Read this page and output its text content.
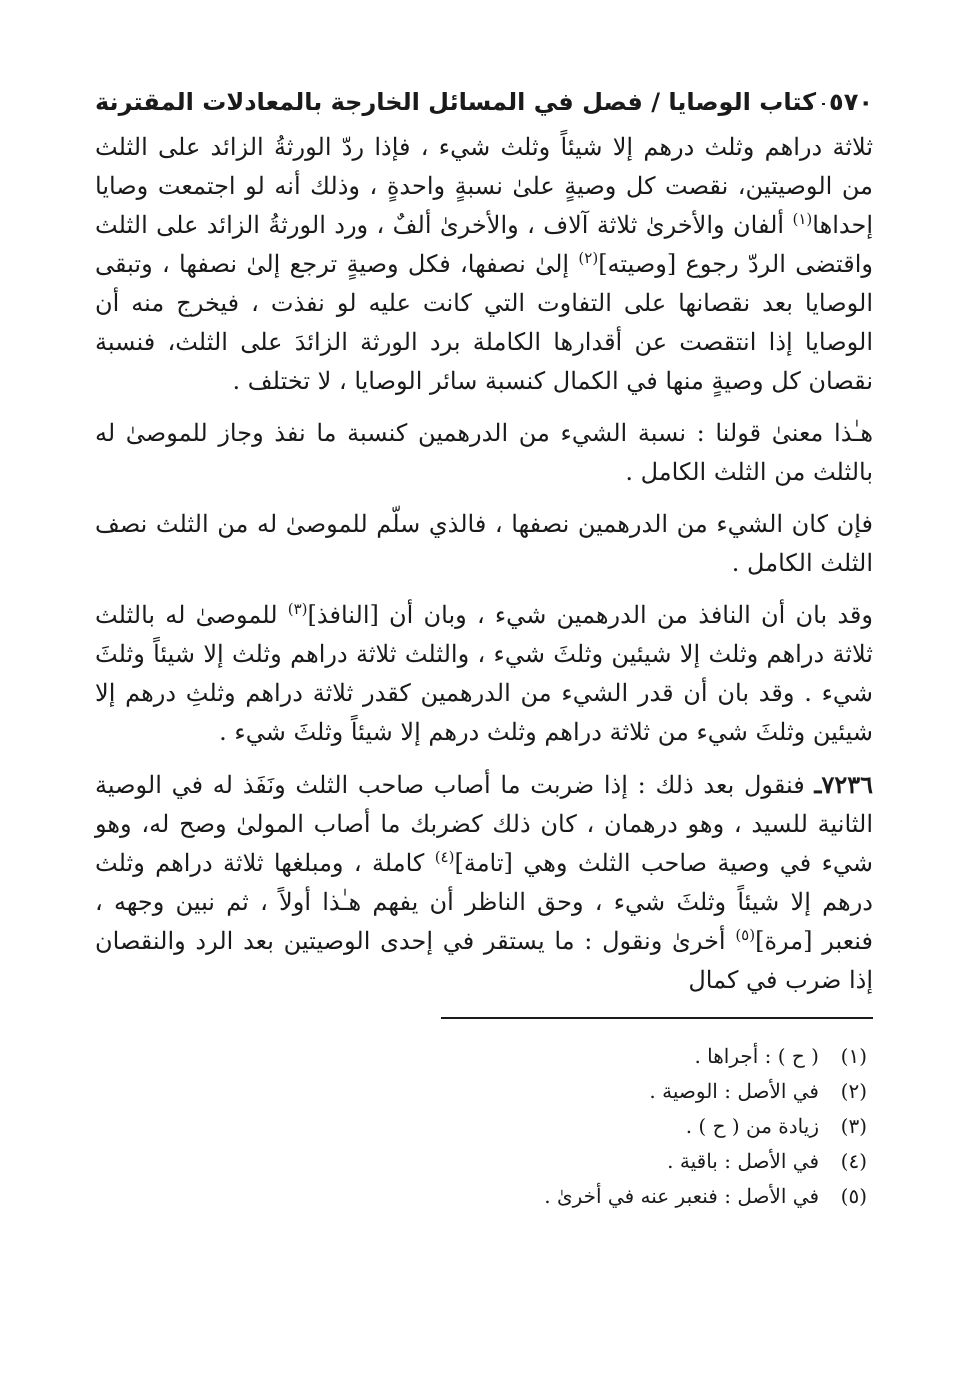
٥٧٠
كتاب الوصايا / فصل في المسائل الخارجة بالمعادلات المقترنة

ثلاثة دراهم وثلث درهم إلا شيئاً وثلث شيء ، فإذا ردّ الورثةُ الزائد على الثلث من الوصيتين، نقصت كل وصيةٍ علىٰ نسبةٍ واحدةٍ ، وذلك أنه لو اجتمعت وصايا إحداها$^{(١)}$ ألفان والأخرىٰ ثلاثة آلاف ، والأخرىٰ ألفٌ ، ورد الورثةُ الزائد على الثلث واقتضى الردّ رجوع [وصيته]$^{(٢)}$ إلىٰ نصفها، فكل وصيةٍ ترجع إلىٰ نصفها ، وتبقى الوصايا بعد نقصانها على التفاوت التي كانت عليه لو نفذت ، فيخرج منه أن الوصايا إذا انتقصت عن أقدارها الكاملة برد الورثة الزائدَ على الثلث، فنسبة نقصان كل وصيةٍ منها في الكمال كنسبة سائر الوصايا ، لا تختلف .

هـٰذا معنىٰ قولنا : نسبة الشيء من الدرهمين كنسبة ما نفذ وجاز للموصىٰ له بالثلث من الثلث الكامل .

فإن كان الشيء من الدرهمين نصفها ، فالذي سلّم للموصىٰ له من الثلث نصف الثلث الكامل .

وقد بان أن النافذ من الدرهمين شيء ، وبان أن [النافذ]$^{(٣)}$ للموصىٰ له بالثلث ثلاثة دراهم وثلث إلا شيئين وثلثَ شيء ، والثلث ثلاثة دراهم وثلث إلا شيئاً وثلثَ شيء . وقد بان أن قدر الشيء من الدرهمين كقدر ثلاثة دراهم وثلثِ درهم إلا شيئين وثلثَ شيء من ثلاثة دراهم وثلث درهم إلا شيئاً وثلثَ شيء .

٧٢٣٦ـ فنقول بعد ذلك : إذا ضربت ما أصاب صاحب الثلث ونَفَذ له في الوصية الثانية للسيد ، وهو درهمان ، كان ذلك كضربك ما أصاب المولىٰ وصح له، وهو شيء في وصية صاحب الثلث وهي [تامة]$^{(٤)}$ كاملة ، ومبلغها ثلاثة دراهم وثلث درهم إلا شيئاً وثلثَ شيء ، وحق الناظر أن يفهم هـٰذا أولاً ، ثم نبين وجهه ، فنعبر [مرة]$^{(٥)}$ أخرىٰ ونقول : ما يستقر في إحدى الوصيتين بعد الرد والنقصان إذا ضرب في كمال

(١)
( ح ) : أجراها .
(٢)
في الأصل : الوصية .
(٣)
زيادة من ( ح ) .
(٤)
في الأصل : باقية .
(٥)
في الأصل : فنعبر عنه في أخرىٰ .
